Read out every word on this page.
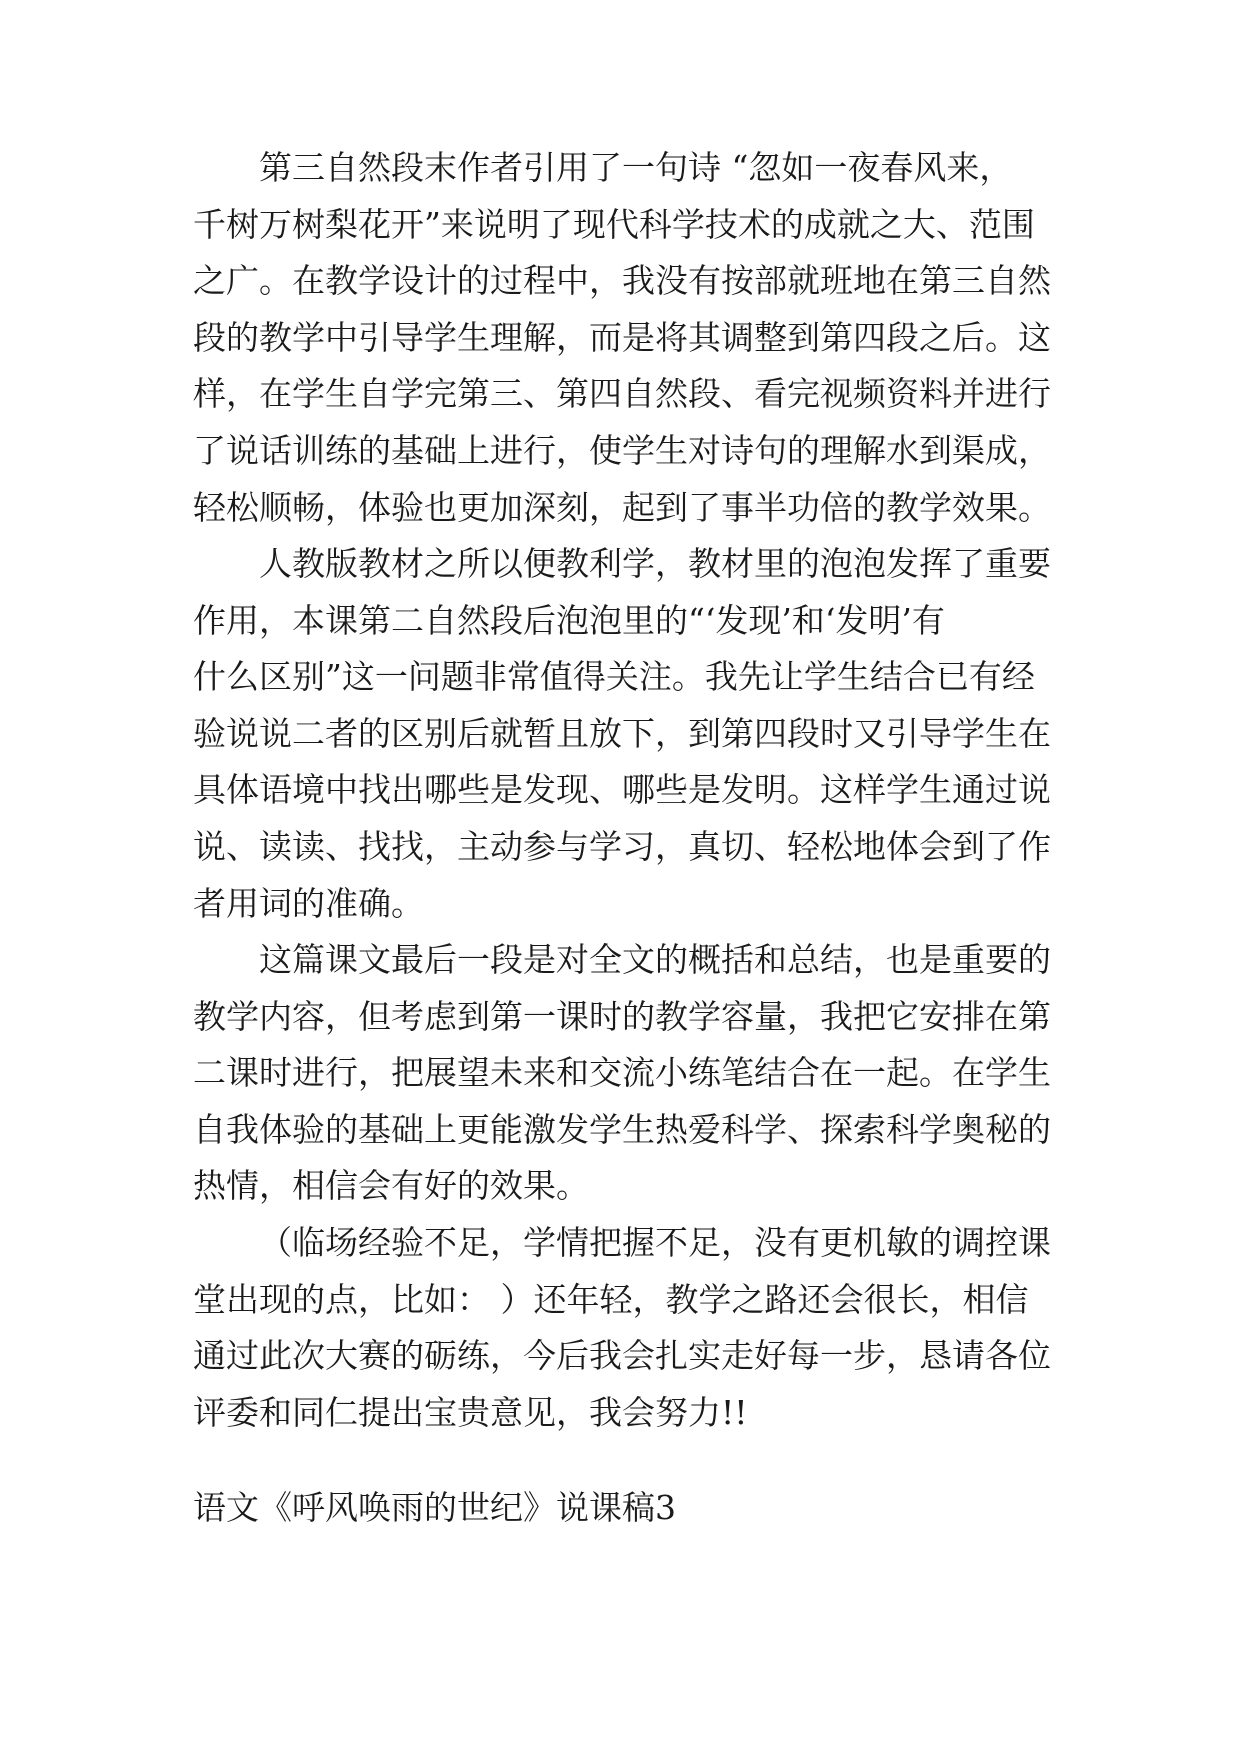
第三自然段末作者引用了一句诗 “忽如一夜春风来，
千树万树梨花开”来说明了现代科学技术的成就之大、范围
之广。在教学设计的过程中，我没有按部就班地在第三自然
段的教学中引导学生理解，而是将其调整到第四段之后。这
样，在学生自学完第三、第四自然段、看完视频资料并进行
了说话训练的基础上进行，使学生对诗句的理解水到渠成，
轻松顺畅，体验也更加深刻，起到了事半功倍的教学效果。
人教版教材之所以便教利学，教材里的泡泡发挥了重要
作用，本课第二自然段后泡泡里的“‘发现’和‘发明’有
什么区别”这一问题非常值得关注。我先让学生结合已有经
验说说二者的区别后就暂且放下，到第四段时又引导学生在
具体语境中找出哪些是发现、哪些是发明。这样学生通过说
说、读读、找找，主动参与学习，真切、轻松地体会到了作
者用词的准确。
这篇课文最后一段是对全文的概括和总结，也是重要的
教学内容，但考虑到第一课时的教学容量，我把它安排在第
二课时进行，把展望未来和交流小练笔结合在一起。在学生
自我体验的基础上更能激发学生热爱科学、探索科学奥秘的
热情，相信会有好的效果。
（临场经验不足，学情把握不足，没有更机敏的调控课
堂出现的点，比如： ）还年轻，教学之路还会很长，相信
通过此次大赛的砺练，今后我会扎实走好每一步，恳请各位
评委和同仁提出宝贵意见，我会努力!!
语文《呼风唤雨的世纪》说课稿3
